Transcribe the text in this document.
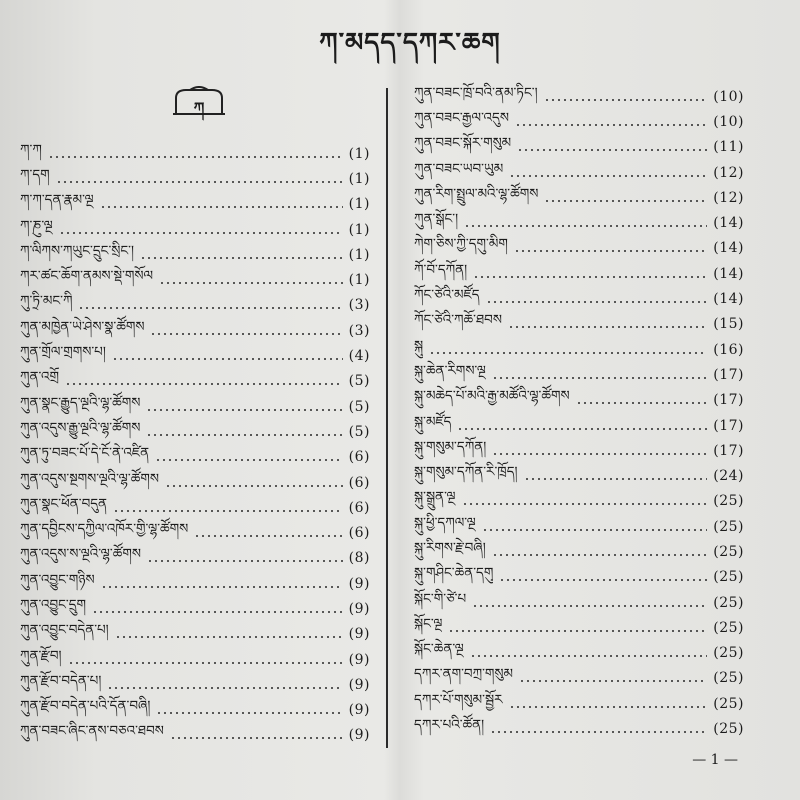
ཀ་མདད་དཀར་ཆག
ཀ
ཀ་ཀ	(1)
ཀ་དག	(1)
ཀ་ཀ་དན་རྣམ་ལྔ	(1)
ཀ་ཎུ་ལྔ	(1)
ཀ་ལིཀས་ཀཡུང་དྲུང་སྲིང་།	(1)
ཀར་ཚང་ཆོག་ནམས་སྡེ་གསོལ	(1)
ཀུ་ཏྲི་མང་ཀི	(3)
ཀུན་མཁྱེན་ཡེ་ཤེས་སྣ་ཚོགས	(3)
ཀུན་གྲོལ་གྲགས་པ།	(4)
ཀུན་འགྲོ	(5)
ཀུན་སྣང་རྒྱུད་ལྔའི་ལྷ་ཚོགས	(5)
ཀུན་འདུས་རྒྱུ་ལྔའི་ལྷ་ཚོགས	(5)
ཀུན་ཏུ་བཟང་པོ་དེ་ངོ་ནེ་འཛིན	(6)
ཀུན་འདུས་སྔགས་ལྔའི་ལྷ་ཚོགས	(6)
ཀུན་སྣང་ཕོན་བདུན	(6)
ཀུན་དབྱིངས་དཀྱིལ་འཁོར་གྱི་ལྷ་ཚོགས	(6)
ཀུན་འདུས་ས་ལྔའི་ལྷ་ཚོགས	(8)
ཀུན་འབྱུང་གཉིས	(9)
ཀུན་འབྱུང་དྲུག	(9)
ཀུན་འབྱུང་བདེན་པ།	(9)
ཀུན་རྫོབ།	(9)
ཀུན་རྫོབ་བདེན་པ།	(9)
ཀུན་རྫོབ་བདེན་པའི་དོན་བཞི།	(9)
ཀུན་བཟང་ཞིང་ནས་བཅའ་ཐབས	(9)
ཀུན་བཟང་ཁྲོ་བའི་ནམ་ཏིང་།	(10)
ཀུན་བཟང་རྒྱལ་འདུས	(10)
ཀུན་བཟང་སྐོར་གསུམ	(11)
ཀུན་བཟང་ཡབ་ཡུམ	(12)
ཀུན་རིག་སྤྲུལ་མའི་ལྷ་ཚོགས	(12)
ཀུན་སྒོང་།	(14)
ཀེག་ཅིས་ཀྱི་དགུ་མིག	(14)
ཀོ་བོ་དཀོན།	(14)
ཀོང་ཙེའི་མཛོད	(14)
ཀོང་ཙེའི་ཀཆོ་ཐབས	(15)
སྐུ	(16)
སྐུ་ཆེན་རིགས་ལྔ	(17)
སྐུ་མཆེད་པོ་མའི་རྒྱ་མཚོའི་ལྷ་ཚོགས	(17)
སྐུ་མཛོད	(17)
སྐུ་གསུམ་དཀོན།	(17)
སྐུ་གསུམ་དཀོན་རི་ཁྲོད།	(24)
སྐུ་སྒྲུན་ལྔ	(25)
སྐུ་ཕྱི་དཀལ་ལྔ	(25)
སྐུ་རིགས་རྗེ་བཞི།	(25)
སྐུ་གཤིང་ཆེན་དགུ	(25)
སྐོང་གི་ཙེ་པ	(25)
སྐོང་ལྔ	(25)
སྐོང་ཆེན་ལྔ	(25)
དཀར་ནག་བཀྲ་གསུམ	(25)
དཀར་པོ་གསུམ་སྦྱོར	(25)
དཀར་པའི་ཚོན།	(25)
— 1 —
